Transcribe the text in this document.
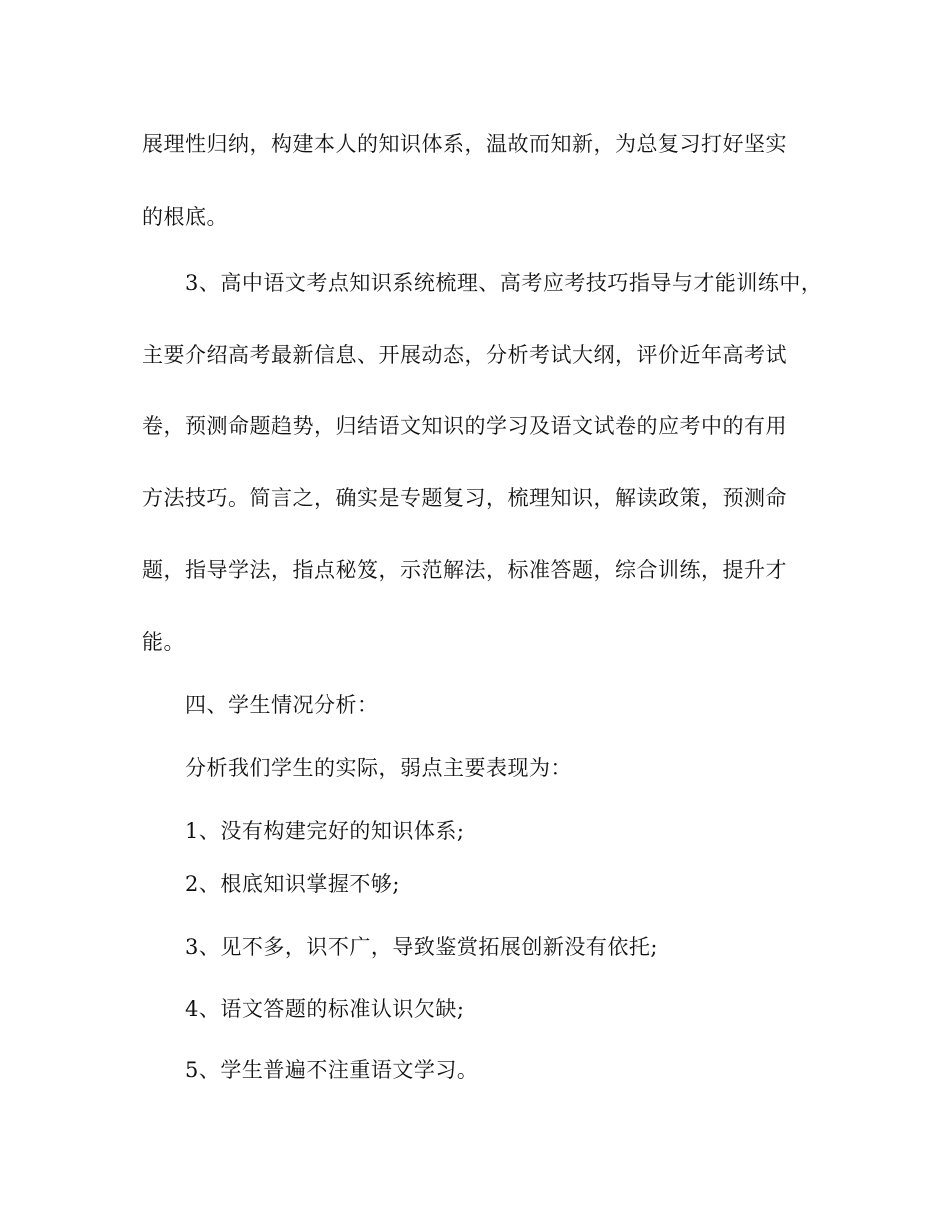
展理性归纳，构建本人的知识体系，温故而知新，为总复习打好坚实
的根底。
3、高中语文考点知识系统梳理、高考应考技巧指导与才能训练中，
主要介绍高考最新信息、开展动态，分析考试大纲，评价近年高考试
卷，预测命题趋势，归结语文知识的学习及语文试卷的应考中的有用
方法技巧。简言之，确实是专题复习，梳理知识，解读政策，预测命
题，指导学法，指点秘笈，示范解法，标准答题，综合训练，提升才
能。
四、学生情况分析：
分析我们学生的实际，弱点主要表现为：
1、没有构建完好的知识体系;
2、根底知识掌握不够;
3、见不多，识不广，导致鉴赏拓展创新没有依托;
4、语文答题的标准认识欠缺;
5、学生普遍不注重语文学习。
